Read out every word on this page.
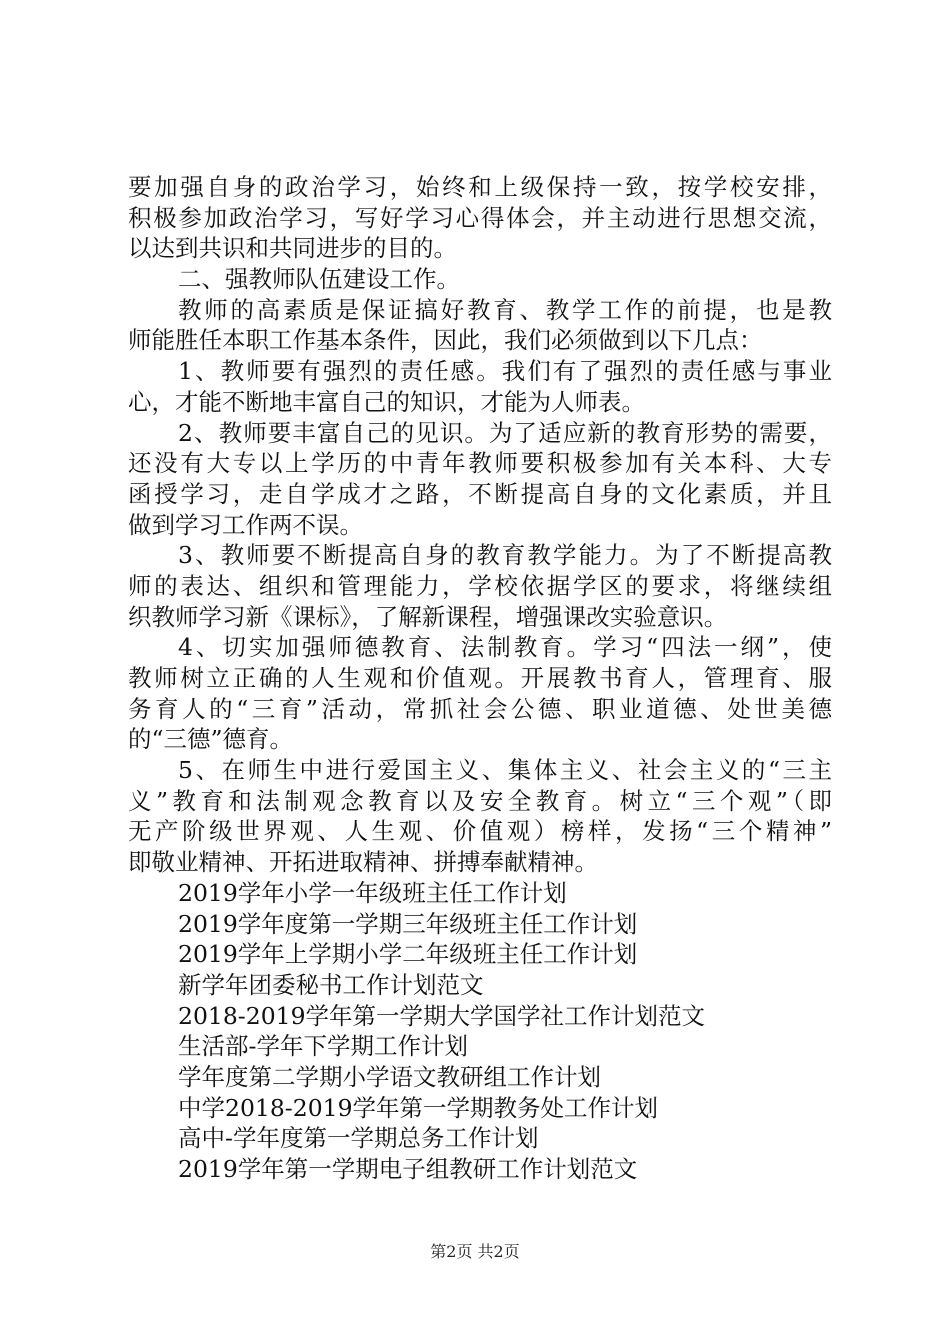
要加强自身的政治学习，始终和上级保持一致，按学校安排，
积极参加政治学习，写好学习心得体会，并主动进行思想交流，
以达到共识和共同进步的目的。
二、强教师队伍建设工作。
教师的高素质是保证搞好教育、教学工作的前提，也是教
师能胜任本职工作基本条件，因此，我们必须做到以下几点：
1、教师要有强烈的责任感。我们有了强烈的责任感与事业
心，才能不断地丰富自己的知识，才能为人师表。
2、教师要丰富自己的见识。为了适应新的教育形势的需要，
还没有大专以上学历的中青年教师要积极参加有关本科、大专
函授学习，走自学成才之路，不断提高自身的文化素质，并且
做到学习工作两不误。
3、教师要不断提高自身的教育教学能力。为了不断提高教
师的表达、组织和管理能力，学校依据学区的要求，将继续组
织教师学习新《课标》，了解新课程，增强课改实验意识。
4、切实加强师德教育、法制教育。学习“四法一纲”，使
教师树立正确的人生观和价值观。开展教书育人，管理育、服
务育人的“三育”活动，常抓社会公德、职业道德、处世美德
的“三德”德育。
5、在师生中进行爱国主义、集体主义、社会主义的“三主
义”教育和法制观念教育以及安全教育。树立“三个观”（即
无产阶级世界观、人生观、价值观）榜样，发扬“三个精神”
即敬业精神、开拓进取精神、拼搏奉献精神。
2019学年小学一年级班主任工作计划
2019学年度第一学期三年级班主任工作计划
2019学年上学期小学二年级班主任工作计划
新学年团委秘书工作计划范文
2018-2019学年第一学期大学国学社工作计划范文
生活部-学年下学期工作计划
学年度第二学期小学语文教研组工作计划
中学2018-2019学年第一学期教务处工作计划
高中-学年度第一学期总务工作计划
2019学年第一学期电子组教研工作计划范文
第2页 共2页
